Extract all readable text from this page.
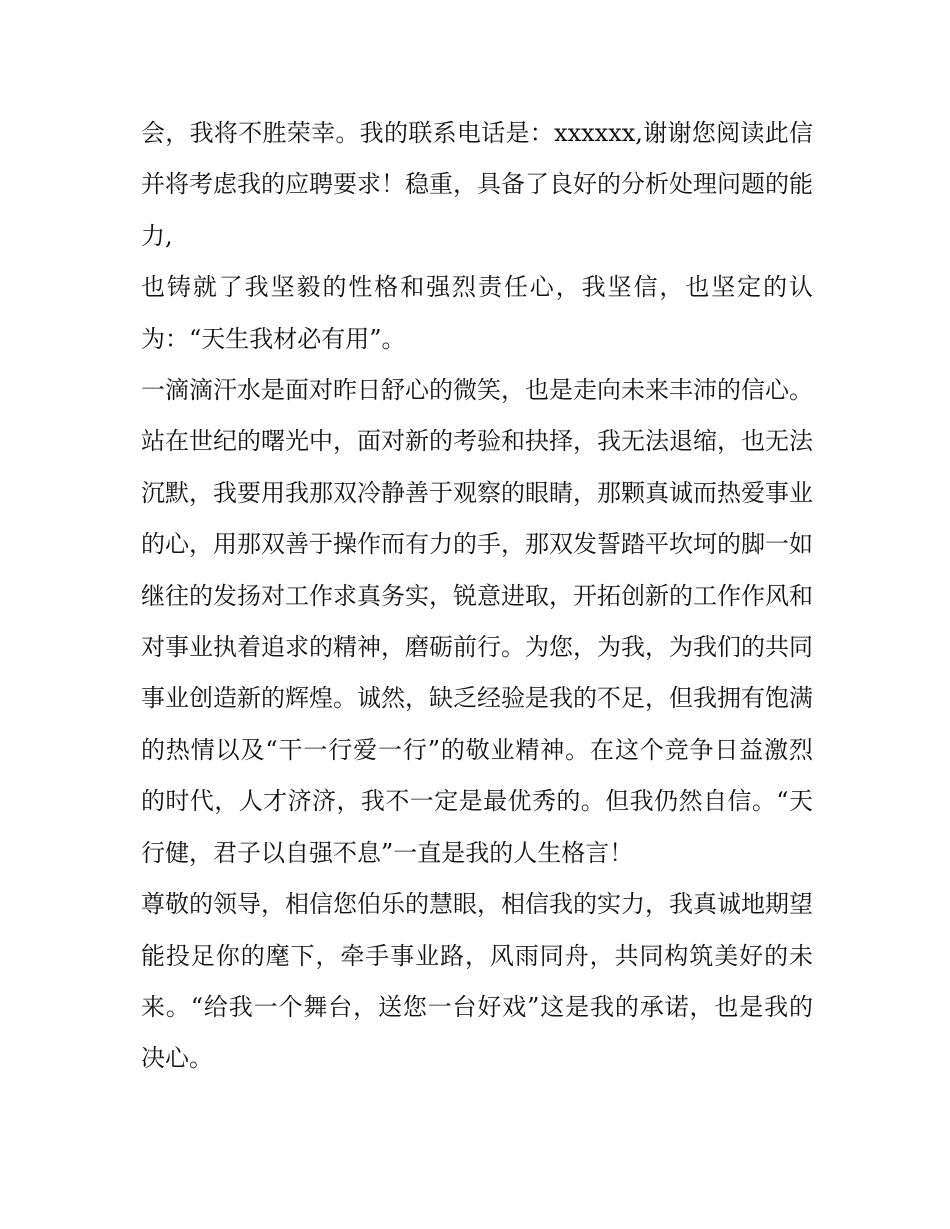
会，我将不胜荣幸。我的联系电话是：xxxxxx,谢谢您阅读此信并将考虑我的应聘要求！稳重，具备了良好的分析处理问题的能力,

也铸就了我坚毅的性格和强烈责任心，我坚信，也坚定的认为：“天生我材必有用”。

一滴滴汗水是面对昨日舒心的微笑，也是走向未来丰沛的信心。站在世纪的曙光中，面对新的考验和抉择，我无法退缩，也无法沉默，我要用我那双冷静善于观察的眼睛，那颗真诚而热爱事业的心，用那双善于操作而有力的手，那双发誓踏平坎坷的脚一如继往的发扬对工作求真务实，锐意进取，开拓创新的工作作风和对事业执着追求的精神，磨砺前行。为您，为我，为我们的共同事业创造新的辉煌。诚然，缺乏经验是我的不足，但我拥有饱满的热情以及“干一行爱一行”的敬业精神。在这个竞争日益激烈的时代，人才济济，我不一定是最优秀的。但我仍然自信。“天行健，君子以自强不息”一直是我的人生格言！

尊敬的领导，相信您伯乐的慧眼，相信我的实力，我真诚地期望能投足你的麾下，牵手事业路，风雨同舟，共同构筑美好的未来。“给我一个舞台，送您一台好戏”这是我的承诺，也是我的决心。
